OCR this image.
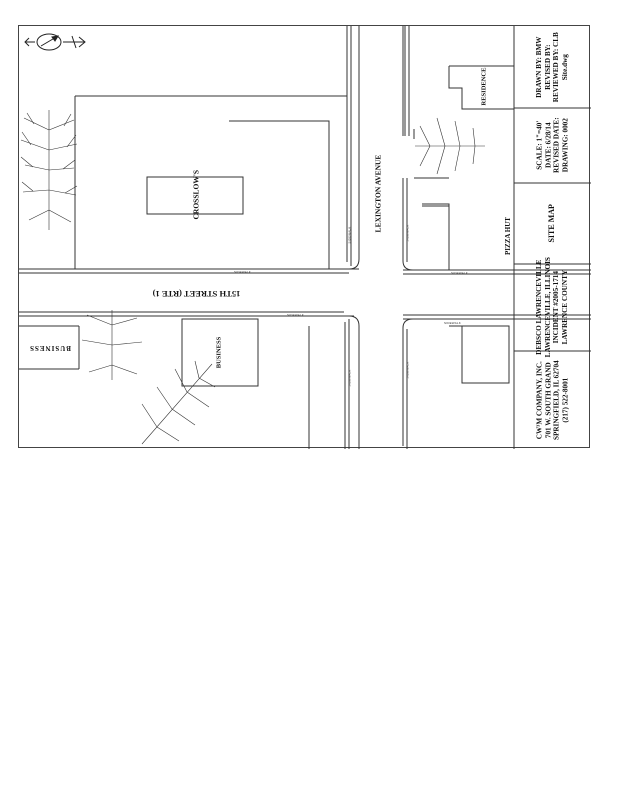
15TH STREET (RTE 1)
LEXINGTON AVENUE
CROSSLOW'S
BUSINESS
BUSINESS
PIZZA HUT
RESIDENCE
SIDEWALK
SIDEWALK
SIDEWALK
SIDEWALK
SIDEWALK	SIDEWALK
SIDEWALK	SIDEWALK
DRAWN BY: BMW REVISED BY: REVIEWED BY: CLB Site.dwg
SCALE: 1"=40' DATE: 6/28/14 REVISED DATE: DRAWING: 0002
SITE MAP
DEBSCO LAWRENCEVILLE LAWRENCEVILLE, ILLINOIS INCIDENT #2005-1714 LAWRENCE COUNTY
CW³M COMPANY, INC. 701 W. SOUTH GRAND SPRINGFIELD, IL 62704 (217) 522-8001
